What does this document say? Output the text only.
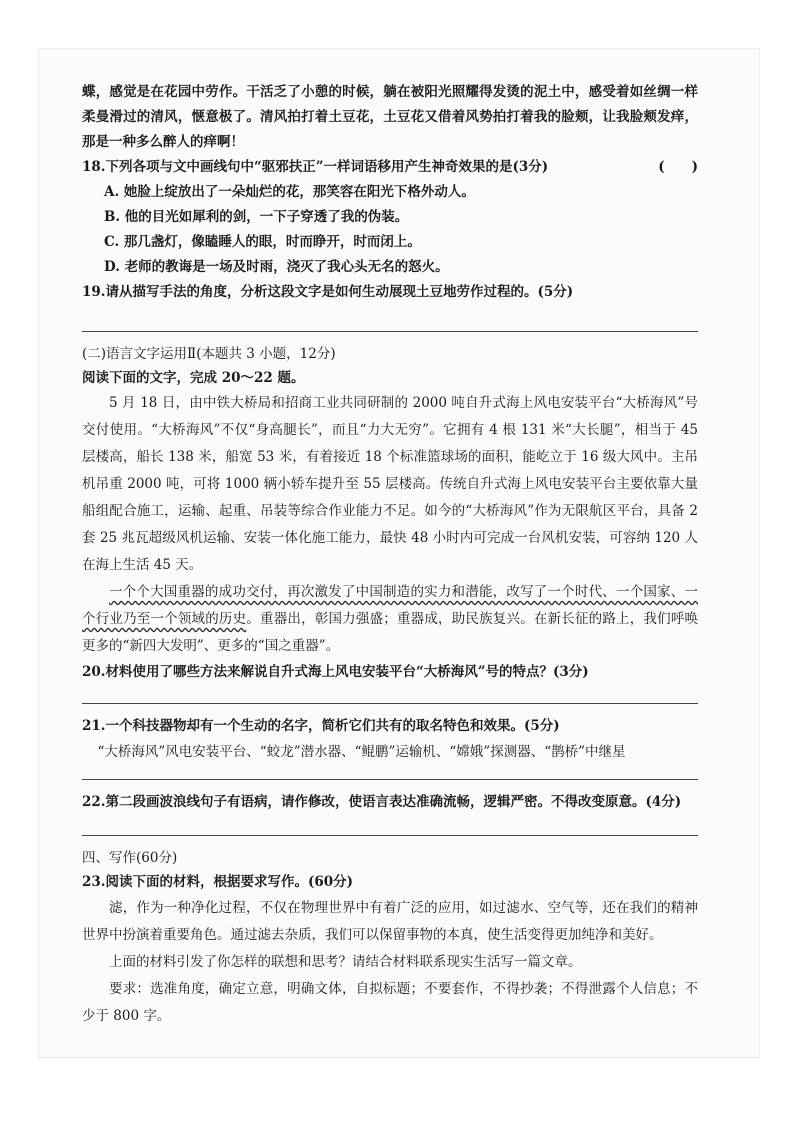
蝶，感觉是在花园中劳作。干活乏了小憩的时候，躺在被阳光照耀得发烫的泥土中，感受着如丝绸一样柔曼滑过的清风，惬意极了。清风拍打着土豆花，土豆花又借着风势拍打着我的脸颊，让我脸颊发痒，那是一种多么醉人的痒啊！

18.下列各项与文中画线句中“驱邪扶正”一样词语移用产生神奇效果的是(3分)	(　　)

A. 她脸上绽放出了一朵灿烂的花，那笑容在阳光下格外动人。

B. 他的目光如犀利的剑，一下子穿透了我的伪装。

C. 那几盏灯，像瞌睡人的眼，时而睁开，时而闭上。

D. 老师的教诲是一场及时雨，浇灭了我心头无名的怒火。

19.请从描写手法的角度，分析这段文字是如何生动展现土豆地劳作过程的。(5分)

(二)语言文字运用Ⅱ(本题共 3 小题，12分)

阅读下面的文字，完成 20～22 题。

5 月 18 日，由中铁大桥局和招商工业共同研制的 2000 吨自升式海上风电安装平台“大桥海风”号交付使用。“大桥海风”不仅“身高腿长”，而且“力大无穷”。它拥有 4 根 131 米“大长腿”，相当于 45 层楼高，船长 138 米，船宽 53 米，有着接近 18 个标准篮球场的面积，能屹立于 16 级大风中。主吊机吊重 2000 吨，可将 1000 辆小轿车提升至 55 层楼高。传统自升式海上风电安装平台主要依靠大量船组配合施工，运输、起重、吊装等综合作业能力不足。如今的“大桥海风”作为无限航区平台，具备 2 套 25 兆瓦超级风机运输、安装一体化施工能力，最快 48 小时内可完成一台风机安装，可容纳 120 人在海上生活 45 天。

一个个大国重器的成功交付，再次激发了中国制造的实力和潜能，改写了一个时代、一个国家、一个行业乃至一个领域的历史。重器出，彰国力强盛；重器成，助民族复兴。在新长征的路上，我们呼唤更多的“新四大发明”、更多的“国之重器”。

20.材料使用了哪些方法来解说自升式海上风电安装平台“大桥海风”号的特点？(3分)
21.一个科技器物却有一个生动的名字，简析它们共有的取名特色和效果。(5分)

“大桥海风”风电安装平台、“蛟龙”潜水器、“鲲鹏”运输机、“嫦娥”探测器、“鹊桥”中继星

22.第二段画波浪线句子有语病，请作修改，使语言表达准确流畅，逻辑严密。不得改变原意。(4分)

四、写作(60分)

23.阅读下面的材料，根据要求写作。(60分)

滤，作为一种净化过程，不仅在物理世界中有着广泛的应用，如过滤水、空气等，还在我们的精神世界中扮演着重要角色。通过滤去杂质，我们可以保留事物的本真，使生活变得更加纯净和美好。

上面的材料引发了你怎样的联想和思考？请结合材料联系现实生活写一篇文章。

要求：选准角度，确定立意，明确文体，自拟标题；不要套作，不得抄袭；不得泄露个人信息；不少于 800 字。
